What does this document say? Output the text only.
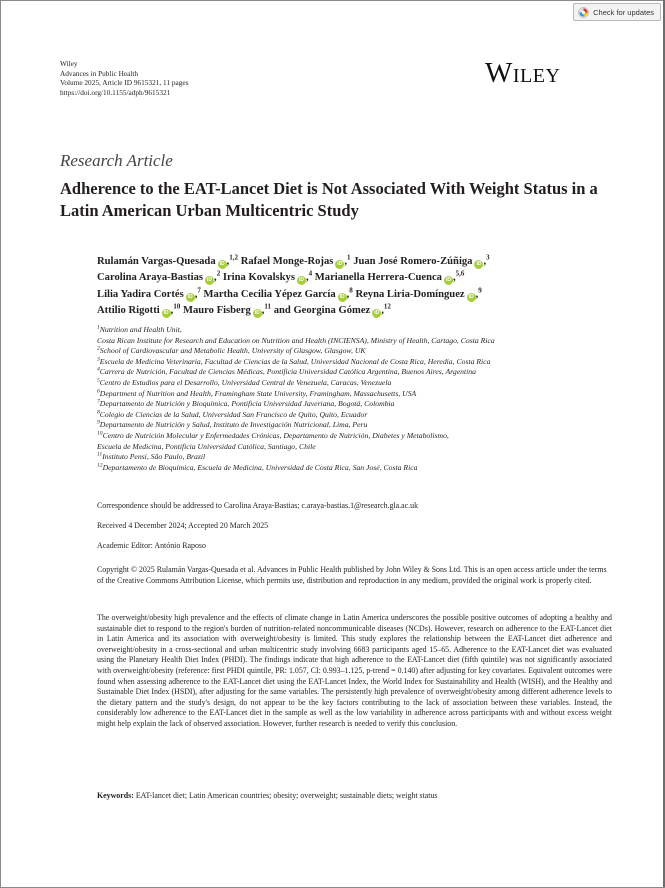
Check for updates
Wiley
Advances in Public Health
Volume 2025, Article ID 9615321, 11 pages
https://doi.org/10.1155/adph/9615321
Wiley
Research Article
Adherence to the EAT-Lancet Diet is Not Associated With Weight Status in a Latin American Urban Multicentric Study
Rulamán Vargas-Quesada iD ,$^{1,2}$ Rafael Monge-Rojas iD ,$^1$ Juan José Romero-Zúñiga iD ,$^3$
Carolina Araya-Bastias iD ,$^2$ Irina Kovalskys iD ,$^4$ Marianella Herrera-Cuenca iD ,$^{5,6}$
Lilia Yadira Cortés iD ,$^7$ Martha Cecilia Yépez García iD ,$^8$ Reyna Liria-Domínguez iD ,$^9$
Attilio Rigotti iD ,$^{10}$ Mauro Fisberg iD ,$^{11}$ and Georgina Gómez iD ,$^{12}$
$^1$Nutrition and Health Unit,
Costa Rican Institute for Research and Education on Nutrition and Health (INCIENSA), Ministry of Health, Cartago, Costa Rica
$^2$School of Cardiovascular and Metabolic Health, University of Glasgow, Glasgow, UK
$^3$Escuela de Medicina Veterinaria, Facultad de Ciencias de la Salud, Universidad Nacional de Costa Rica, Heredia, Costa Rica
$^4$Carrera de Nutrición, Facultad de Ciencias Médicas, Pontificia Universidad Católica Argentina, Buenos Aires, Argentina
$^5$Centro de Estudios para el Desarrollo, Universidad Central de Venezuela, Caracas, Venezuela
$^6$Department of Nutrition and Health, Framingham State University, Framingham, Massachusetts, USA
$^7$Departamento de Nutrición y Bioquímica, Pontificia Universidad Javeriana, Bogotá, Colombia
$^8$Colegio de Ciencias de la Salud, Universidad San Francisco de Quito, Quito, Ecuador
$^9$Departamento de Nutrición y Salud, Instituto de Investigación Nutricional, Lima, Peru
$^{10}$Centro de Nutrición Molecular y Enfermedades Crónicas, Departamento de Nutrición, Diabetes y Metabolismo,
Escuela de Medicina, Pontificia Universidad Católica, Santiago, Chile
$^{11}$Instituto Pensi, São Paulo, Brazil
$^{12}$Departamento de Bioquímica, Escuela de Medicina, Universidad de Costa Rica, San José, Costa Rica
Correspondence should be addressed to Carolina Araya-Bastias; c.araya-bastias.1@research.gla.ac.uk
Received 4 December 2024; Accepted 20 March 2025
Academic Editor: António Raposo
Copyright © 2025 Rulamán Vargas-Quesada et al. Advances in Public Health published by John Wiley & Sons Ltd. This is an open access article under the terms of the Creative Commons Attribution License, which permits use, distribution and reproduction in any medium, provided the original work is properly cited.
The overweight/obesity high prevalence and the effects of climate change in Latin America underscores the possible positive outcomes of adopting a healthy and sustainable diet to respond to the region's burden of nutrition-related noncommunicable diseases (NCDs). However, research on adherence to the EAT-Lancet diet in Latin America and its association with overweight/obesity is limited. This study explores the relationship between the EAT-Lancet diet adherence and overweight/obesity in a cross-sectional and urban multicentric study involving 6683 participants aged 15–65. Adherence to the EAT-Lancet diet was evaluated using the Planetary Health Diet Index (PHDI). The findings indicate that high adherence to the EAT-Lancet diet (fifth quintile) was not significantly associated with overweight/obesity (reference: first PHDI quintile, PR: 1.057, CI: 0.993–1.125, p-trend = 0.140) after adjusting for key covariates. Equivalent outcomes were found when assessing adherence to the EAT-Lancet diet using the EAT-Lancet Index, the World Index for Sustainability and Health (WISH), and the Healthy and Sustainable Diet Index (HSDI), after adjusting for the same variables. The persistently high prevalence of overweight/obesity among different adherence levels to the dietary pattern and the study's design, do not appear to be the key factors contributing to the lack of association between these variables. Instead, the considerably low adherence to the EAT-Lancet diet in the sample as well as the low variability in adherence across participants with and without excess weight might help explain the lack of observed association. However, further research is needed to verify this conclusion.
Keywords: EAT-lancet diet; Latin American countries; obesity; overweight; sustainable diets; weight status
